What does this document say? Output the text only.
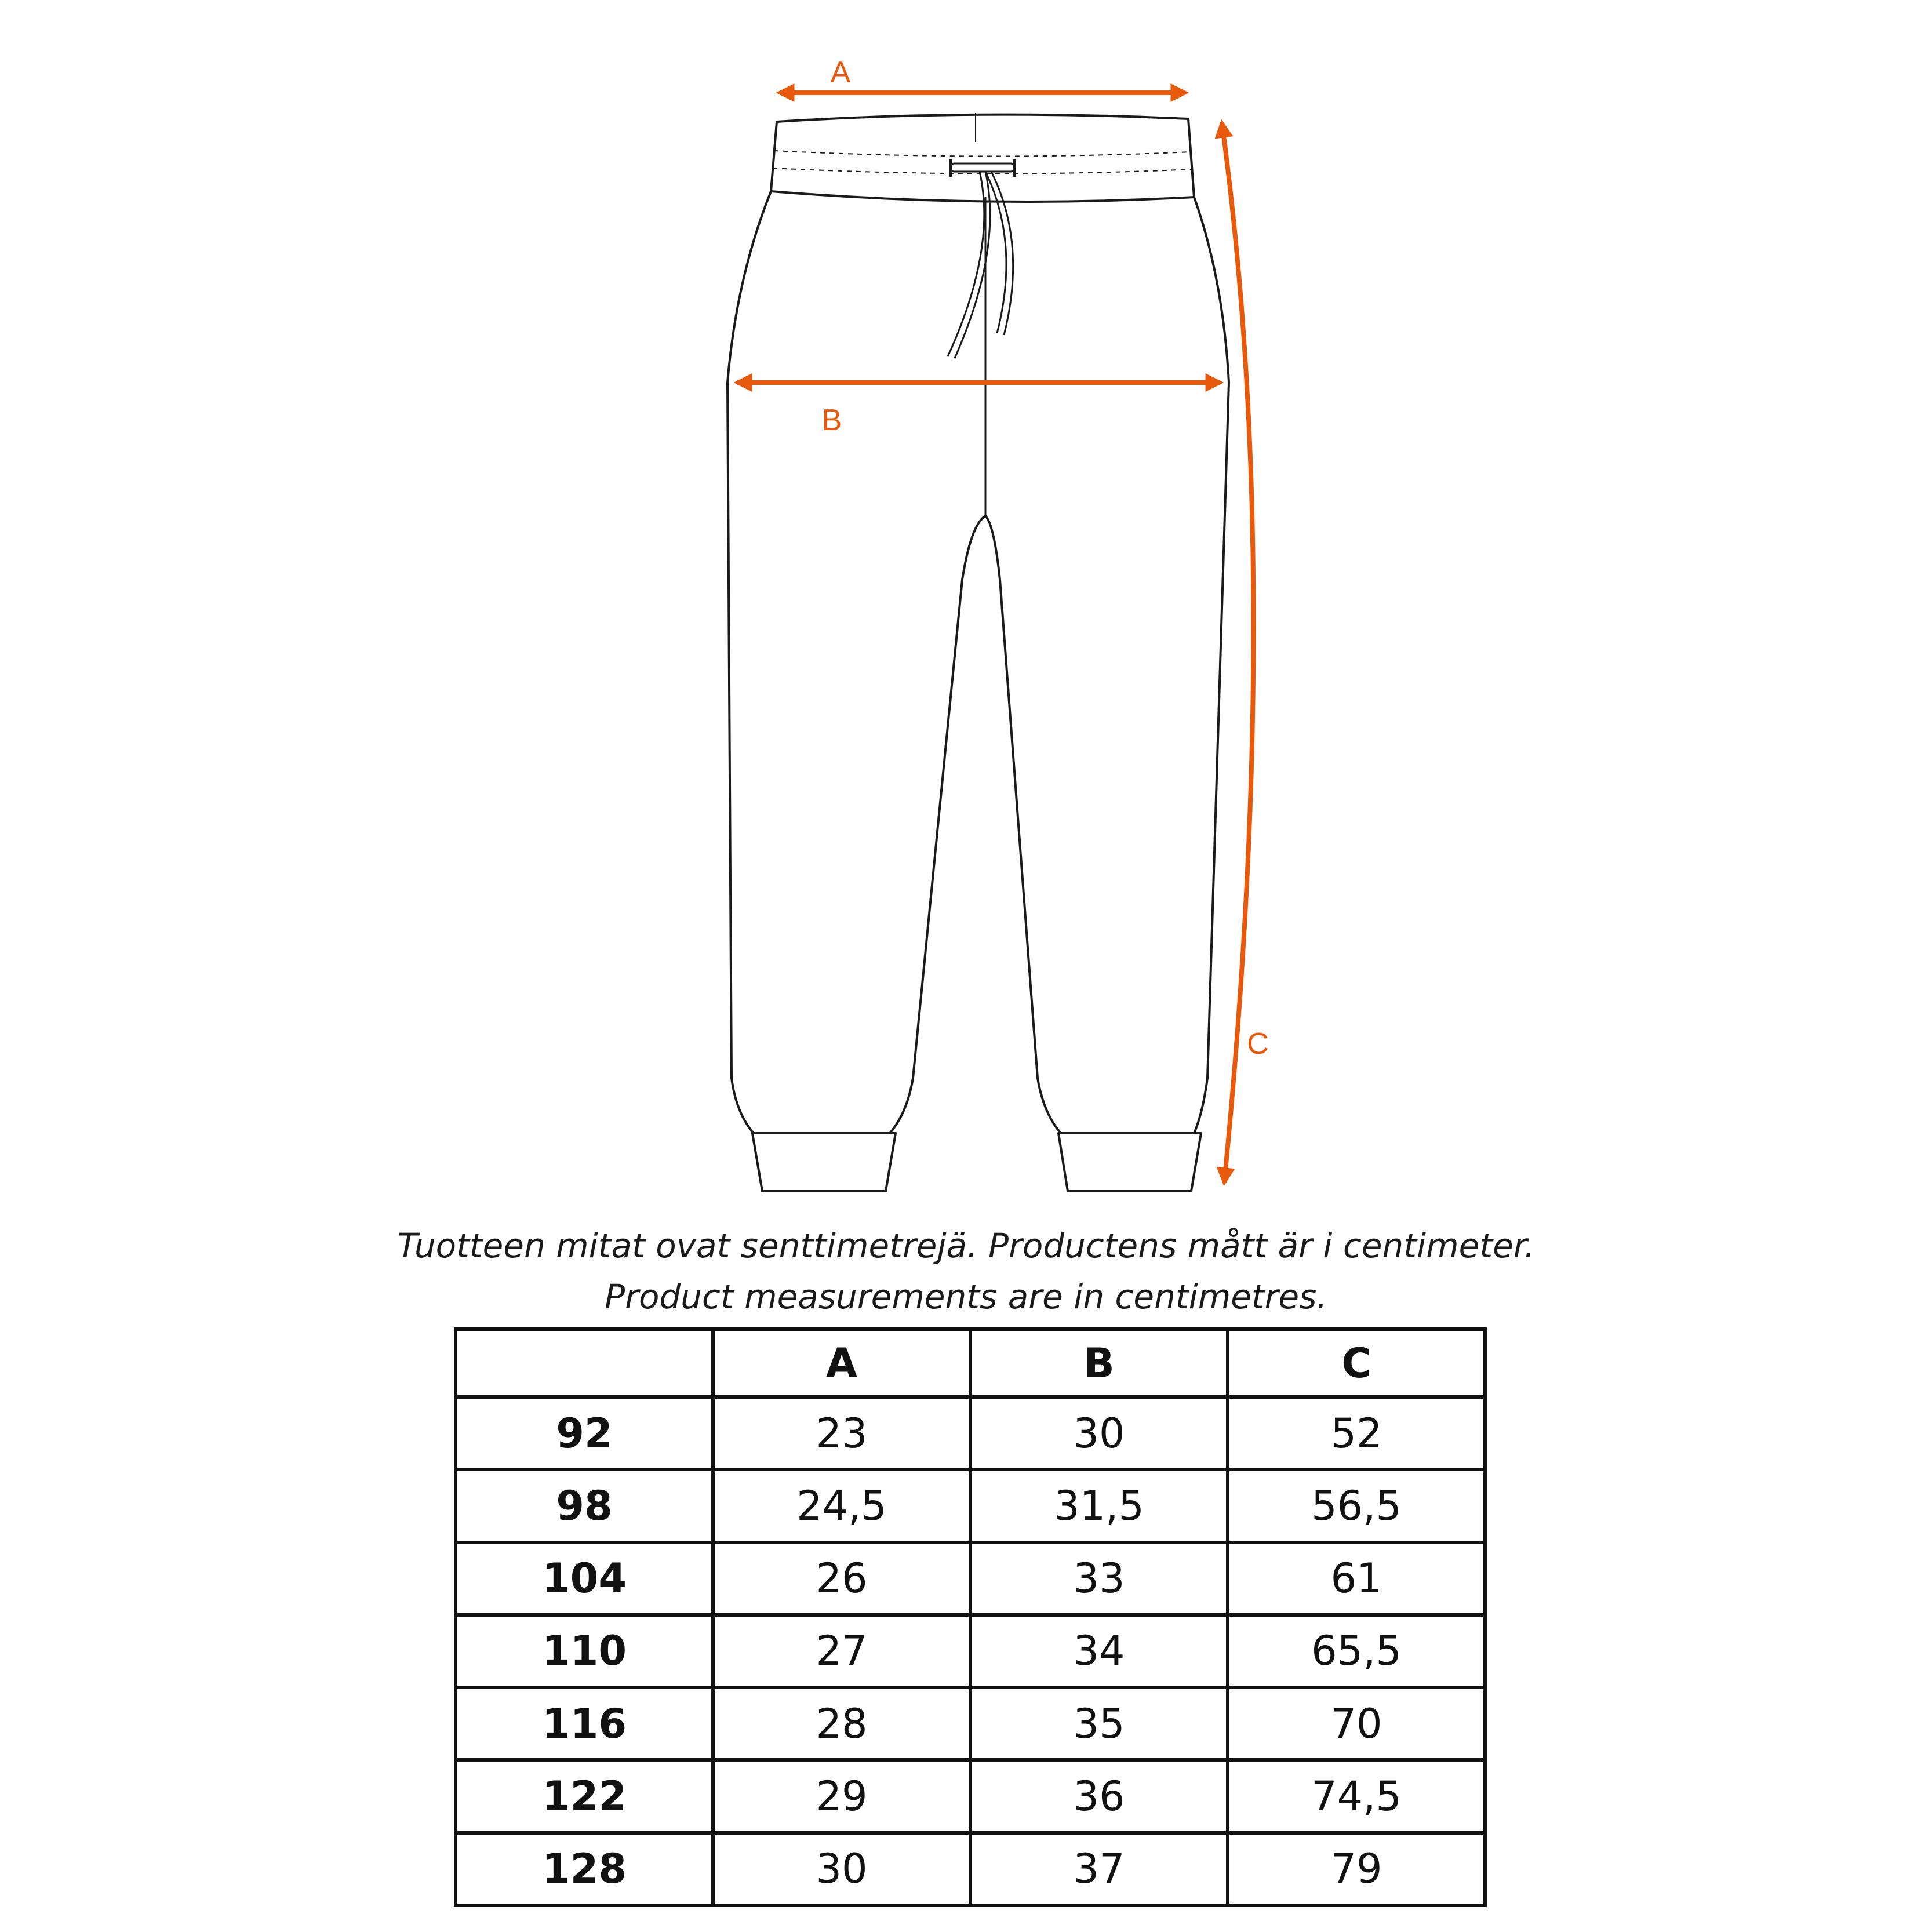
A
B
C
Tuotteen mitat ovat senttimetrejä. Productens mått är i centimeter.
Product measurements are in centimetres.
	A	B	C
92	23	30	52
98	24,5	31,5	56,5
104	26	33	61
110	27	34	65,5
116	28	35	70
122	29	36	74,5
128	30	37	79
